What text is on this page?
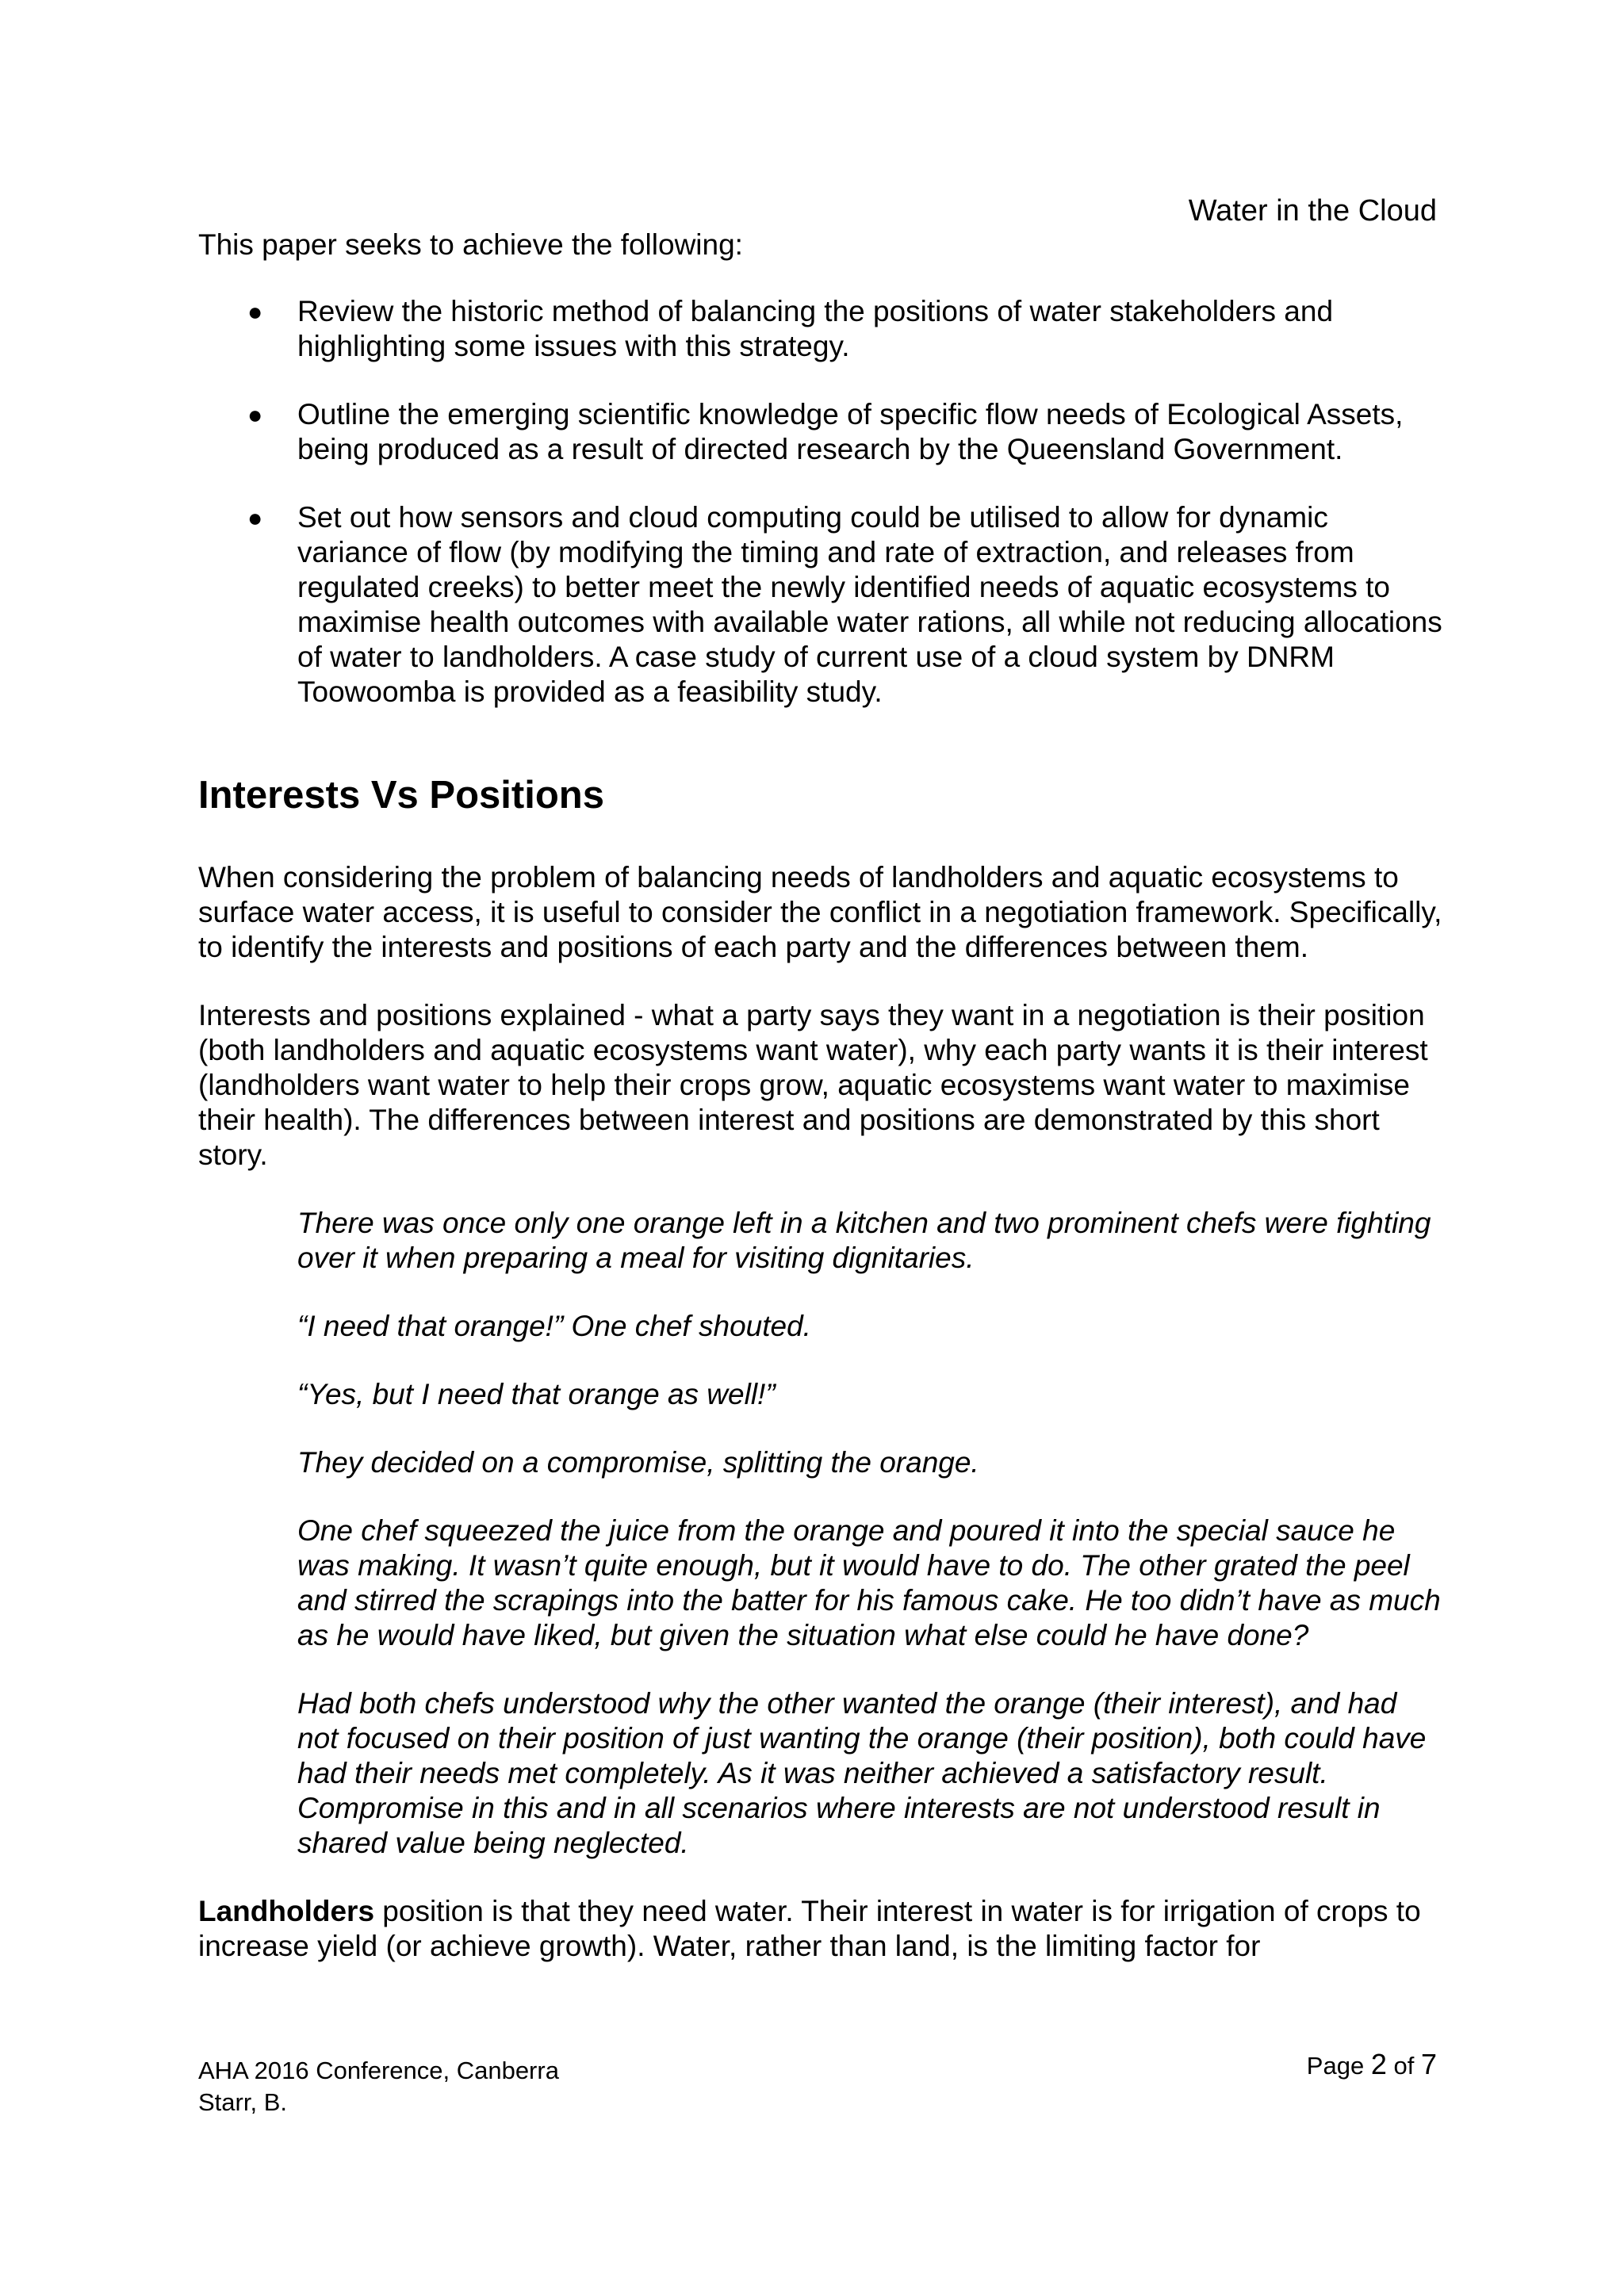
Water in the Cloud

This paper seeks to achieve the following:

● Review the historic method of balancing the positions of water stakeholders and highlighting some issues with this strategy.
● Outline the emerging scientific knowledge of specific flow needs of Ecological Assets, being produced as a result of directed research by the Queensland Government.
● Set out how sensors and cloud computing could be utilised to allow for dynamic variance of flow (by modifying the timing and rate of extraction, and releases from regulated creeks) to better meet the newly identified needs of aquatic ecosystems to maximise health outcomes with available water rations, all while not reducing allocations of water to landholders. A case study of current use of a cloud system by DNRM Toowoomba is provided as a feasibility study.
Interests Vs Positions

When considering the problem of balancing needs of landholders and aquatic ecosystems to surface water access, it is useful to consider the conflict in a negotiation framework. Specifically, to identify the interests and positions of each party and the differences between them.

Interests and positions explained - what a party says they want in a negotiation is their position (both landholders and aquatic ecosystems want water), why each party wants it is their interest (landholders want water to help their crops grow, aquatic ecosystems want water to maximise their health). The differences between interest and positions are demonstrated by this short story.

There was once only one orange left in a kitchen and two prominent chefs were fighting over it when preparing a meal for visiting dignitaries.

“I need that orange!” One chef shouted.

“Yes, but I need that orange as well!”

They decided on a compromise, splitting the orange.

One chef squeezed the juice from the orange and poured it into the special sauce he was making. It wasn’t quite enough, but it would have to do. The other grated the peel and stirred the scrapings into the batter for his famous cake. He too didn’t have as much as he would have liked, but given the situation what else could he have done?

Had both chefs understood why the other wanted the orange (their interest), and had not focused on their position of just wanting the orange (their position), both could have had their needs met completely. As it was neither achieved a satisfactory result. Compromise in this and in all scenarios where interests are not understood result in shared value being neglected.

Landholders position is that they need water. Their interest in water is for irrigation of crops to increase yield (or achieve growth). Water, rather than land, is the limiting factor for

AHA 2016 Conference, Canberra
Starr, B.
Page 2 of 7
